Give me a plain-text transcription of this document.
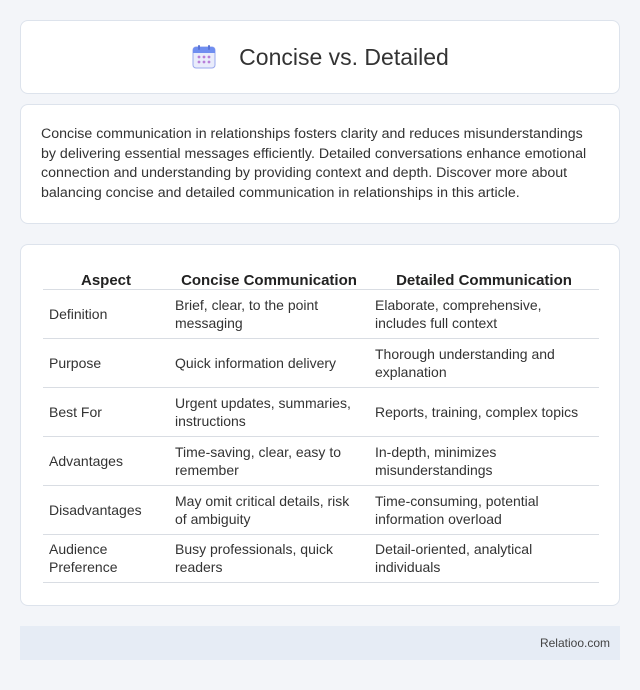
Concise vs. Detailed

Concise communication in relationships fosters clarity and reduces misunderstandings by delivering essential messages efficiently. Detailed conversations enhance emotional connection and understanding by providing context and depth. Discover more about balancing concise and detailed communication in relationships in this article.

Aspect	Concise Communication	Detailed Communication
Definition	Brief, clear, to the point messaging	Elaborate, comprehensive, includes full context
Purpose	Quick information delivery	Thorough understanding and explanation
Best For	Urgent updates, summaries, instructions	Reports, training, complex topics
Advantages	Time-saving, clear, easy to remember	In-depth, minimizes misunderstandings
Disadvantages	May omit critical details, risk of ambiguity	Time-consuming, potential information overload
Audience Preference	Busy professionals, quick readers	Detail-oriented, analytical individuals
Relatioo.com
